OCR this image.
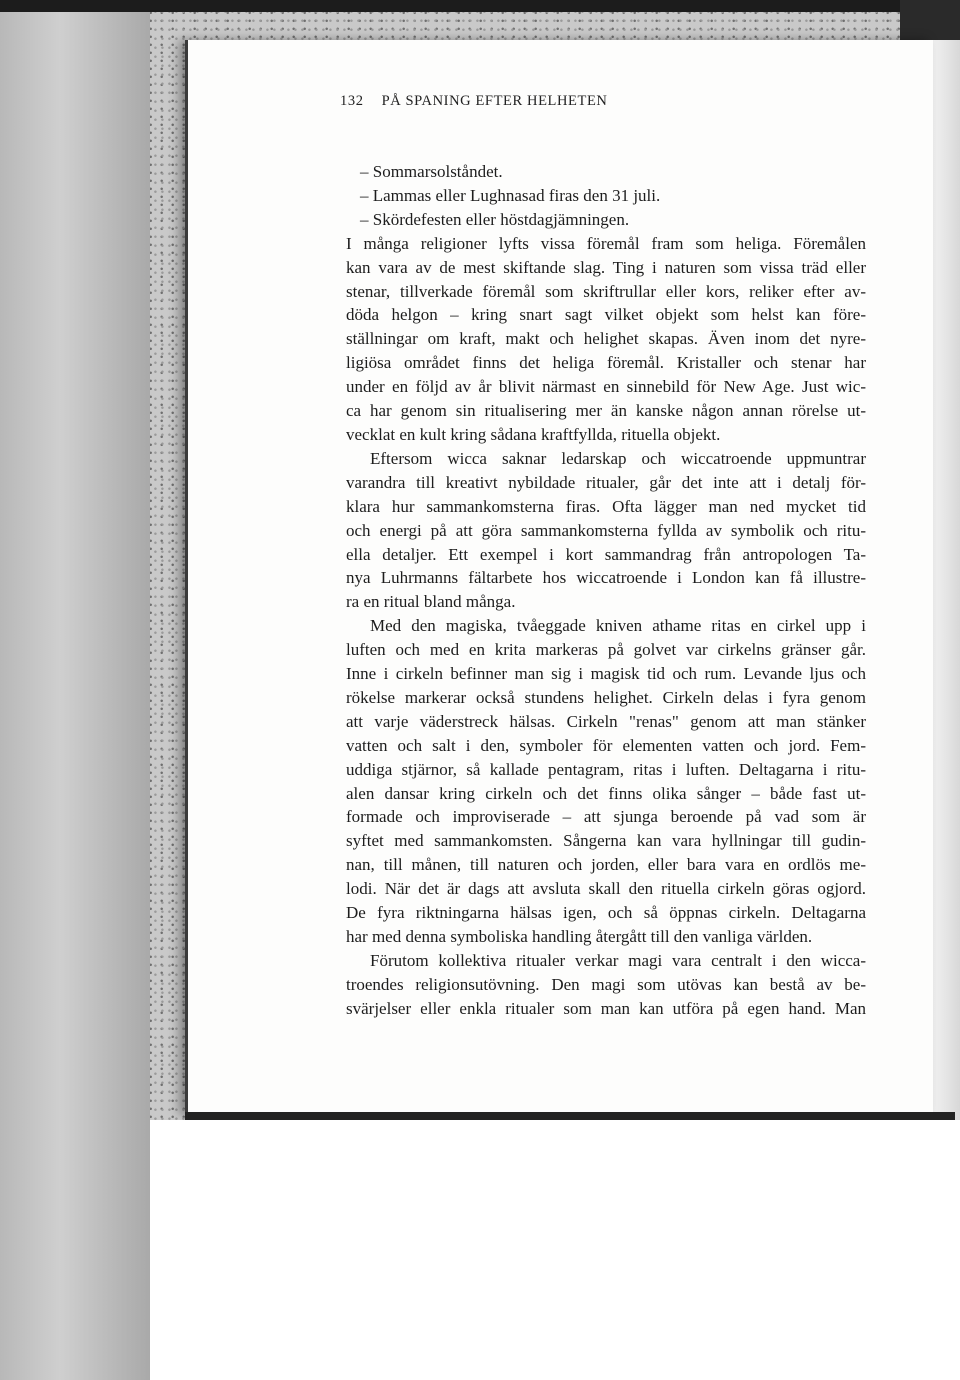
132 PÅ SPANING EFTER HELHETEN

– Sommarsolståndet.

– Lammas eller Lughnasad firas den 31 juli.

– Skördefesten eller höstdagjämningen.

I många religioner lyfts vissa föremål fram som heliga. Föremålen

kan vara av de mest skiftande slag. Ting i naturen som vissa träd eller

stenar, tillverkade föremål som skriftrullar eller kors, reliker efter av-

döda helgon – kring snart sagt vilket objekt som helst kan före-

ställningar om kraft, makt och helighet skapas. Även inom det nyre-

ligiösa området finns det heliga föremål. Kristaller och stenar har

under en följd av år blivit närmast en sinnebild för New Age. Just wic-

ca har genom sin ritualisering mer än kanske någon annan rörelse ut-

vecklat en kult kring sådana kraftfyllda, rituella objekt.

Eftersom wicca saknar ledarskap och wiccatroende uppmuntrar

varandra till kreativt nybildade ritualer, går det inte att i detalj för-

klara hur sammankomsterna firas. Ofta lägger man ned mycket tid

och energi på att göra sammankomsterna fyllda av symbolik och ritu-

ella detaljer. Ett exempel i kort sammandrag från antropologen Ta-

nya Luhrmanns fältarbete hos wiccatroende i London kan få illustre-

ra en ritual bland många.

Med den magiska, tvåeggade kniven athame ritas en cirkel upp i

luften och med en krita markeras på golvet var cirkelns gränser går.

Inne i cirkeln befinner man sig i magisk tid och rum. Levande ljus och

rökelse markerar också stundens helighet. Cirkeln delas i fyra genom

att varje väderstreck hälsas. Cirkeln "renas" genom att man stänker

vatten och salt i den, symboler för elementen vatten och jord. Fem-

uddiga stjärnor, så kallade pentagram, ritas i luften. Deltagarna i ritu-

alen dansar kring cirkeln och det finns olika sånger – både fast ut-

formade och improviserade – att sjunga beroende på vad som är

syftet med sammankomsten. Sångerna kan vara hyllningar till gudin-

nan, till månen, till naturen och jorden, eller bara vara en ordlös me-

lodi. När det är dags att avsluta skall den rituella cirkeln göras ogjord.

De fyra riktningarna hälsas igen, och så öppnas cirkeln. Deltagarna

har med denna symboliska handling återgått till den vanliga världen.

Förutom kollektiva ritualer verkar magi vara centralt i den wicca-

troendes religionsutövning. Den magi som utövas kan bestå av be-

svärjelser eller enkla ritualer som man kan utföra på egen hand. Man
